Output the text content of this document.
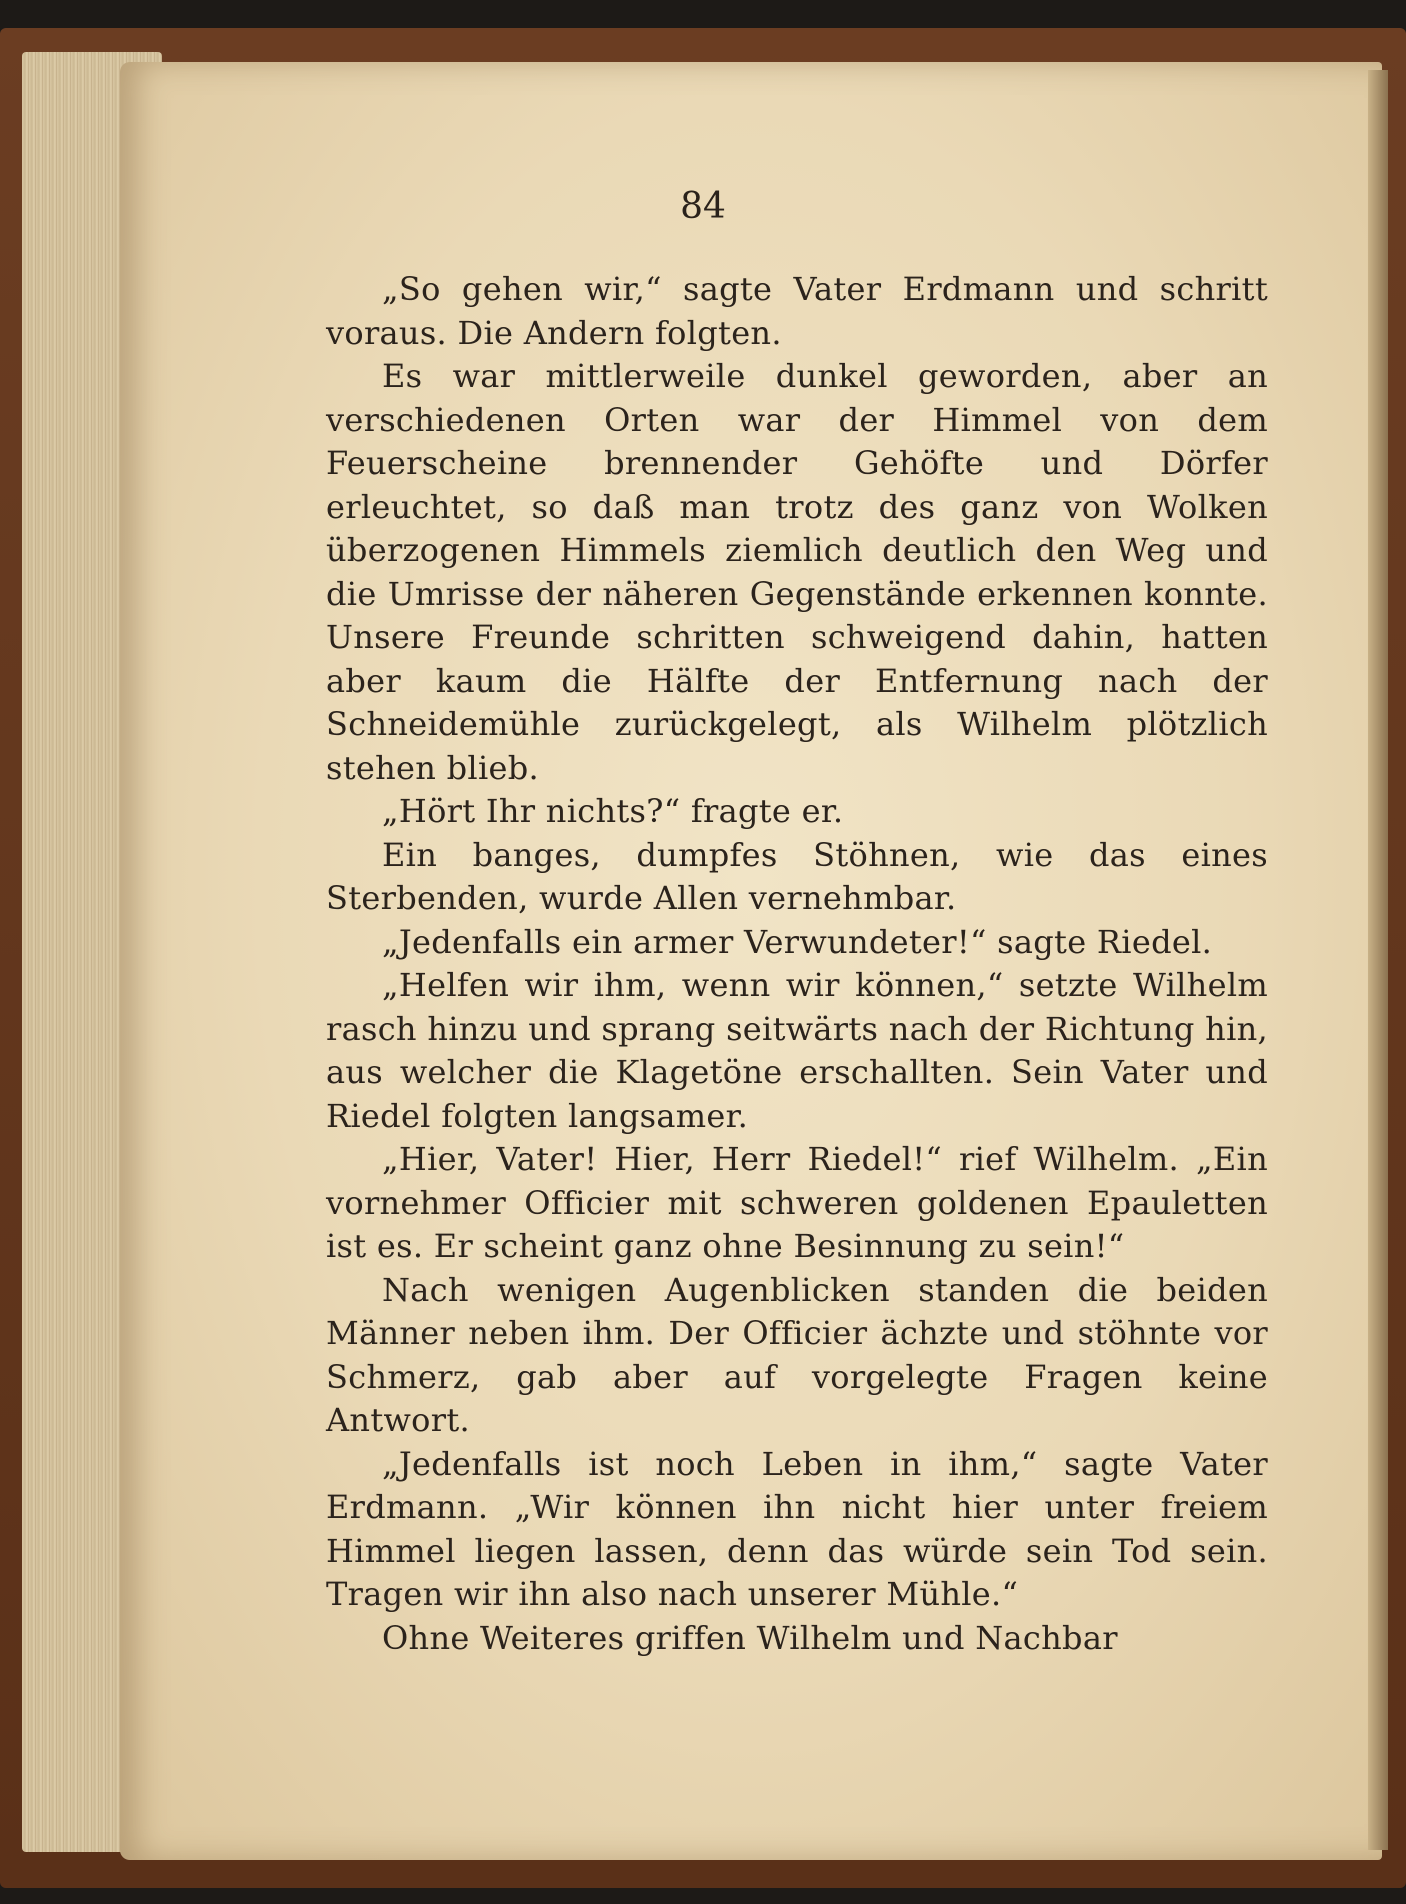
84

„So gehen wir,“ sagte Vater Erdmann und schritt voraus. Die Andern folgten.

Es war mittlerweile dunkel geworden, aber an verschiedenen Orten war der Himmel von dem Feuerscheine brennender Gehöfte und Dörfer erleuchtet, so daß man trotz des ganz von Wolken überzogenen Himmels ziemlich deutlich den Weg und die Umrisse der näheren Gegenstände erkennen konnte. Unsere Freunde schritten schweigend dahin, hatten aber kaum die Hälfte der Entfernung nach der Schneidemühle zurückgelegt, als Wilhelm plötzlich stehen blieb.

„Hört Ihr nichts?“ fragte er.

Ein banges, dumpfes Stöhnen, wie das eines Sterbenden, wurde Allen vernehmbar.

„Jedenfalls ein armer Verwundeter!“ sagte Riedel.

„Helfen wir ihm, wenn wir können,“ setzte Wilhelm rasch hinzu und sprang seitwärts nach der Richtung hin, aus welcher die Klagetöne erschallten. Sein Vater und Riedel folgten langsamer.

„Hier, Vater! Hier, Herr Riedel!“ rief Wilhelm. „Ein vornehmer Officier mit schweren goldenen Epauletten ist es. Er scheint ganz ohne Besinnung zu sein!“

Nach wenigen Augenblicken standen die beiden Männer neben ihm. Der Officier ächzte und stöhnte vor Schmerz, gab aber auf vorgelegte Fragen keine Antwort.

„Jedenfalls ist noch Leben in ihm,“ sagte Vater Erdmann. „Wir können ihn nicht hier unter freiem Himmel liegen lassen, denn das würde sein Tod sein. Tragen wir ihn also nach unserer Mühle.“

Ohne Weiteres griffen Wilhelm und Nachbar
